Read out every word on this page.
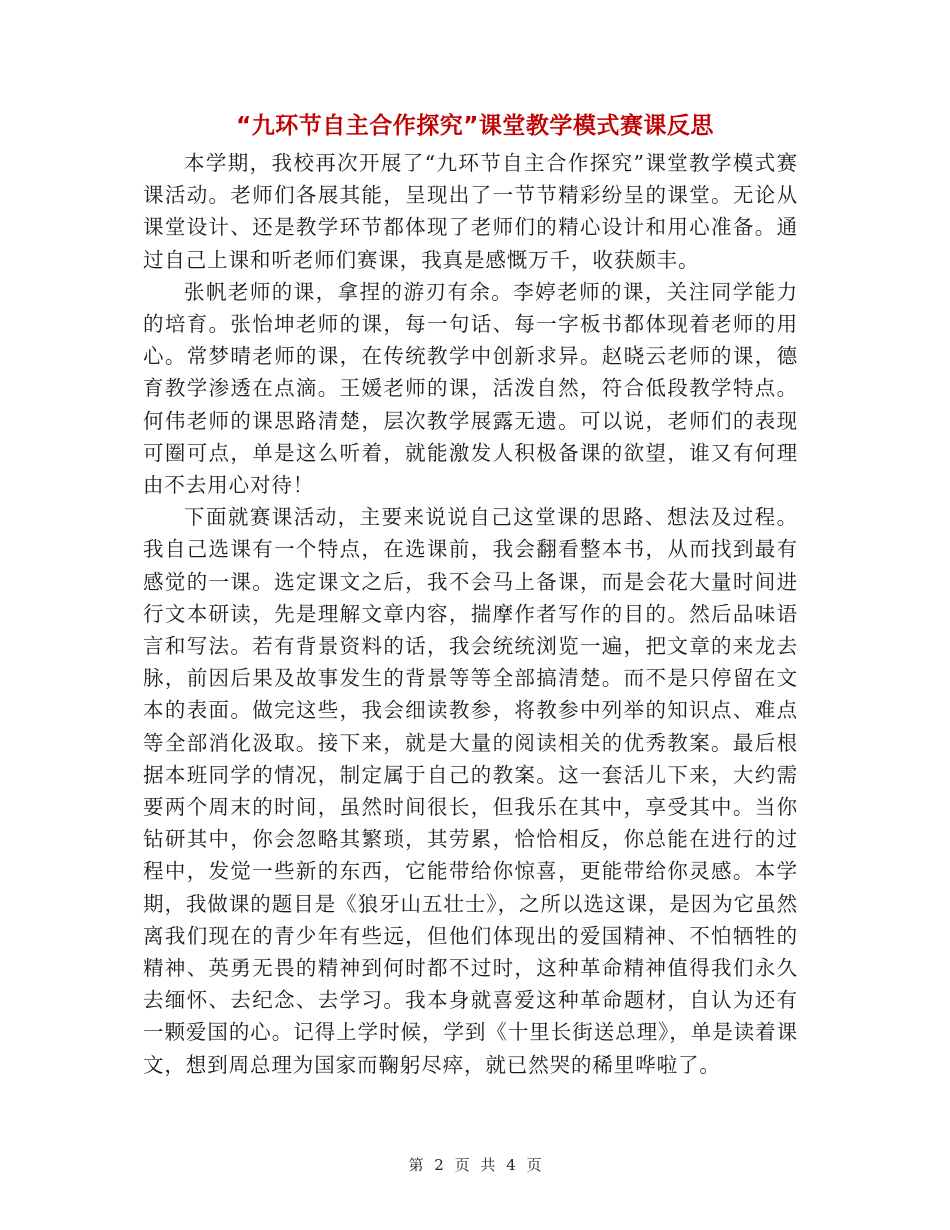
“九环节自主合作探究”课堂教学模式赛课反思

本学期，我校再次开展了“九环节自主合作探究”课堂教学模式赛课活动。老师们各展其能，呈现出了一节节精彩纷呈的课堂。无论从课堂设计、还是教学环节都体现了老师们的精心设计和用心准备。通过自己上课和听老师们赛课，我真是感慨万千，收获颇丰。

张帆老师的课，拿捏的游刃有余。李婷老师的课，关注同学能力的培育。张怡坤老师的课，每一句话、每一字板书都体现着老师的用心。常梦晴老师的课，在传统教学中创新求异。赵晓云老师的课，德育教学渗透在点滴。王媛老师的课，活泼自然，符合低段教学特点。何伟老师的课思路清楚，层次教学展露无遗。可以说，老师们的表现可圈可点，单是这么听着，就能激发人积极备课的欲望，谁又有何理由不去用心对待！

下面就赛课活动，主要来说说自己这堂课的思路、想法及过程。我自己选课有一个特点，在选课前，我会翻看整本书，从而找到最有感觉的一课。选定课文之后，我不会马上备课，而是会花大量时间进行文本研读，先是理解文章内容，揣摩作者写作的目的。然后品味语言和写法。若有背景资料的话，我会统统浏览一遍，把文章的来龙去脉，前因后果及故事发生的背景等等全部搞清楚。而不是只停留在文本的表面。做完这些，我会细读教参，将教参中列举的知识点、难点等全部消化汲取。接下来，就是大量的阅读相关的优秀教案。最后根据本班同学的情况，制定属于自己的教案。这一套活儿下来，大约需要两个周末的时间，虽然时间很长，但我乐在其中，享受其中。当你钻研其中，你会忽略其繁琐，其劳累，恰恰相反，你总能在进行的过程中，发觉一些新的东西，它能带给你惊喜，更能带给你灵感。本学期，我做课的题目是《狼牙山五壮士》，之所以选这课，是因为它虽然离我们现在的青少年有些远，但他们体现出的爱国精神、不怕牺牲的精神、英勇无畏的精神到何时都不过时，这种革命精神值得我们永久去缅怀、去纪念、去学习。我本身就喜爱这种革命题材，自认为还有一颗爱国的心。记得上学时候，学到《十里长街送总理》，单是读着课文，想到周总理为国家而鞠躬尽瘁，就已然哭的稀里哗啦了。

第 2 页 共 4 页
